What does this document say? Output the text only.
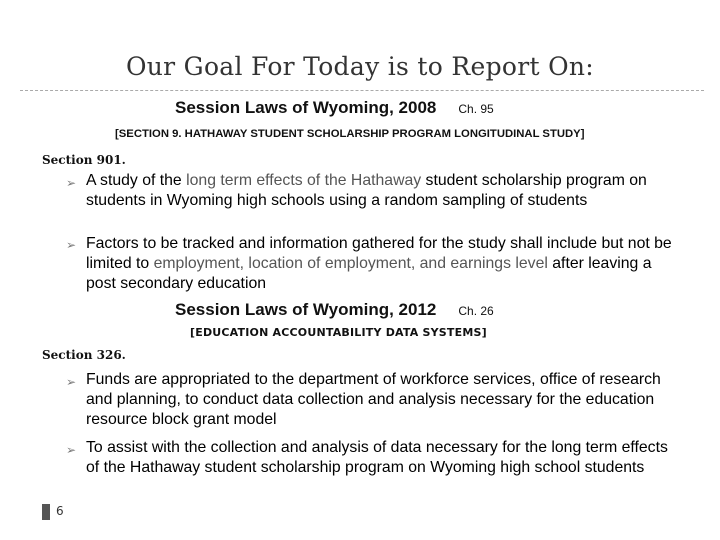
Our Goal For Today is to Report On:
Session Laws of Wyoming, 2008 Ch. 95
[SECTION 9. HATHAWAY STUDENT SCHOLARSHIP PROGRAM LONGITUDINAL STUDY]
Section 901.
➢ A study of the long term effects of the Hathaway student scholarship program on students in Wyoming high schools using a random sampling of students
➢ Factors to be tracked and information gathered for the study shall include but not be limited to employment, location of employment, and earnings level after leaving a post secondary education
Session Laws of Wyoming, 2012 Ch. 26
[EDUCATION ACCOUNTABILITY DATA SYSTEMS]
Section 326.
➢ Funds are appropriated to the department of workforce services, office of research and planning, to conduct data collection and analysis necessary for the education resource block grant model
➢ To assist with the collection and analysis of data necessary for the long term effects of the Hathaway student scholarship program on Wyoming high school students
6
